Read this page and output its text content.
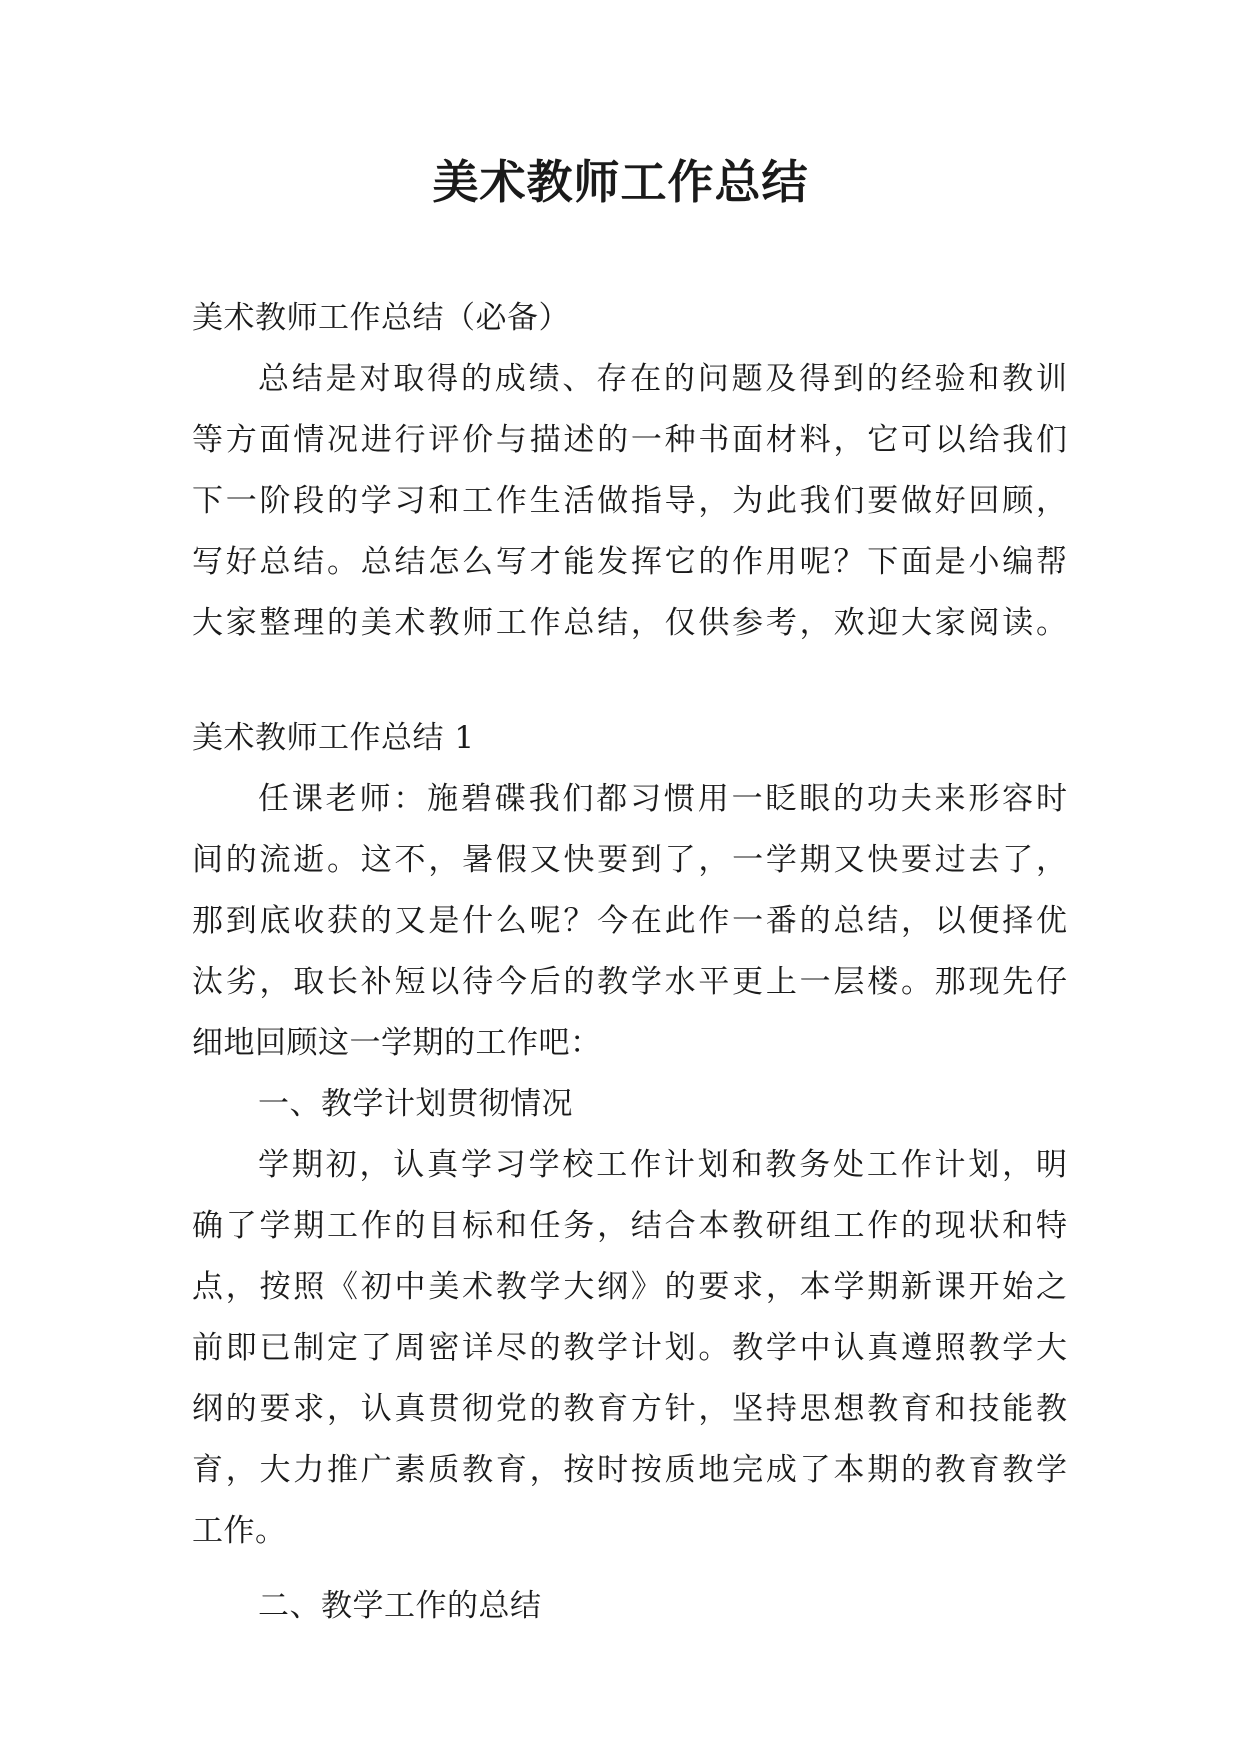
美术教师工作总结

美术教师工作总结（必备）

总结是对取得的成绩、存在的问题及得到的经验和教训

等方面情况进行评价与描述的一种书面材料，它可以给我们

下一阶段的学习和工作生活做指导，为此我们要做好回顾，

写好总结。总结怎么写才能发挥它的作用呢？下面是小编帮

大家整理的美术教师工作总结，仅供参考，欢迎大家阅读。

美术教师工作总结 1

任课老师：施碧碟我们都习惯用一眨眼的功夫来形容时

间的流逝。这不，暑假又快要到了，一学期又快要过去了，

那到底收获的又是什么呢？今在此作一番的总结，以便择优

汰劣，取长补短以待今后的教学水平更上一层楼。那现先仔

细地回顾这一学期的工作吧：

一、教学计划贯彻情况

学期初，认真学习学校工作计划和教务处工作计划，明

确了学期工作的目标和任务，结合本教研组工作的现状和特

点，按照《初中美术教学大纲》的要求，本学期新课开始之

前即已制定了周密详尽的教学计划。教学中认真遵照教学大

纲的要求，认真贯彻党的教育方针，坚持思想教育和技能教

育，大力推广素质教育，按时按质地完成了本期的教育教学

工作。

二、教学工作的总结
